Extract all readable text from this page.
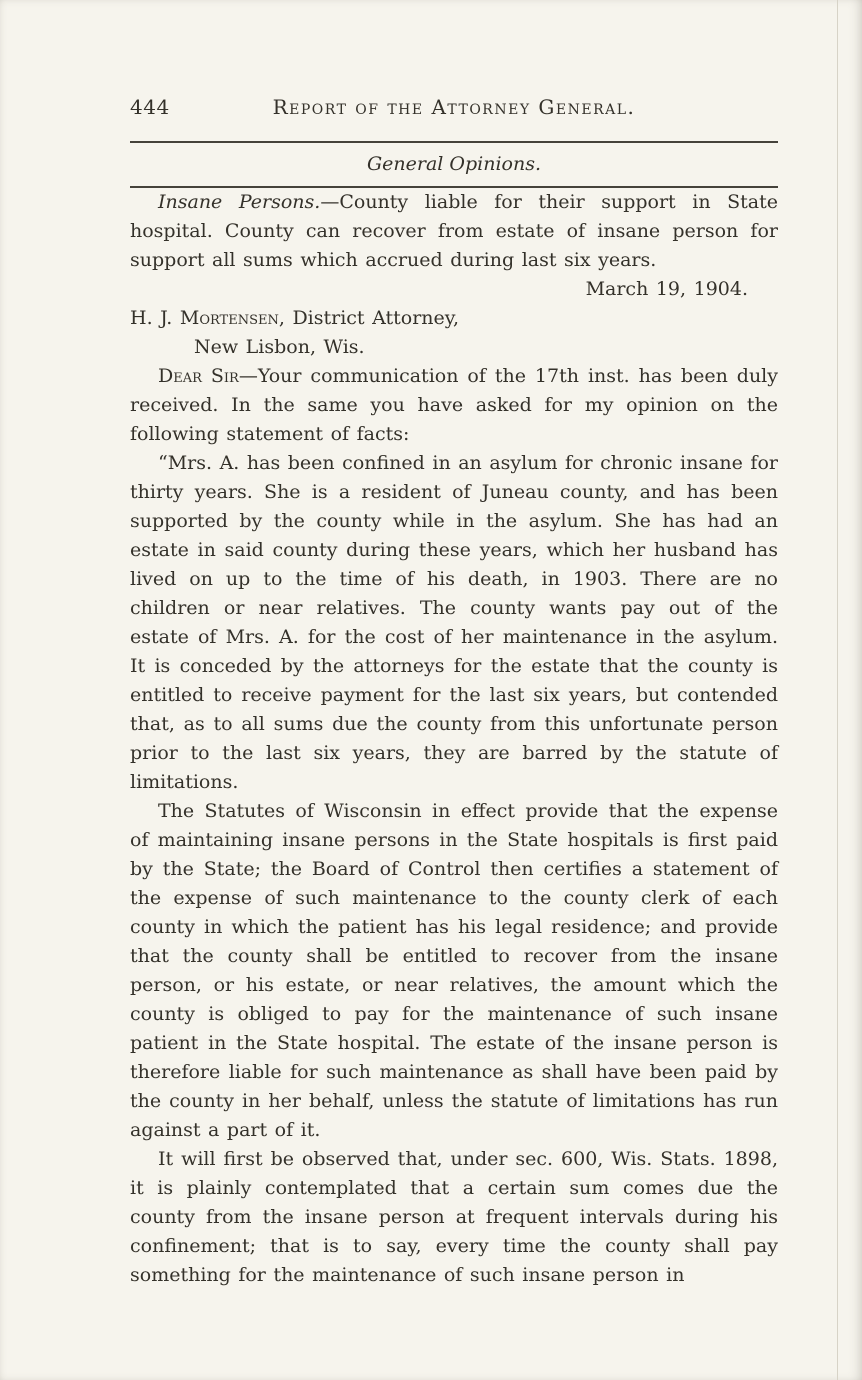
444	Report of the Attorney General.
General Opinions.

Insane Persons.—County liable for their support in State hospital. County can recover from estate of insane person for support all sums which accrued during last six years.

March 19, 1904.

H. J. Mortensen, District Attorney,

New Lisbon, Wis.

Dear Sir—Your communication of the 17th inst. has been duly received. In the same you have asked for my opinion on the following statement of facts:

“Mrs. A. has been confined in an asylum for chronic insane for thirty years. She is a resident of Juneau county, and has been supported by the county while in the asylum. She has had an estate in said county during these years, which her husband has lived on up to the time of his death, in 1903. There are no children or near relatives. The county wants pay out of the estate of Mrs. A. for the cost of her maintenance in the asylum. It is conceded by the attorneys for the estate that the county is entitled to receive payment for the last six years, but contended that, as to all sums due the county from this unfortunate person prior to the last six years, they are barred by the statute of limitations.

The Statutes of Wisconsin in effect provide that the expense of maintaining insane persons in the State hospitals is first paid by the State; the Board of Control then certifies a statement of the expense of such maintenance to the county clerk of each county in which the patient has his legal residence; and provide that the county shall be entitled to recover from the insane person, or his estate, or near relatives, the amount which the county is obliged to pay for the maintenance of such insane patient in the State hospital. The estate of the insane person is therefore liable for such maintenance as shall have been paid by the county in her behalf, unless the statute of limitations has run against a part of it.

It will first be observed that, under sec. 600, Wis. Stats. 1898, it is plainly contemplated that a certain sum comes due the county from the insane person at frequent intervals during his confinement; that is to say, every time the county shall pay something for the maintenance of such insane person in
